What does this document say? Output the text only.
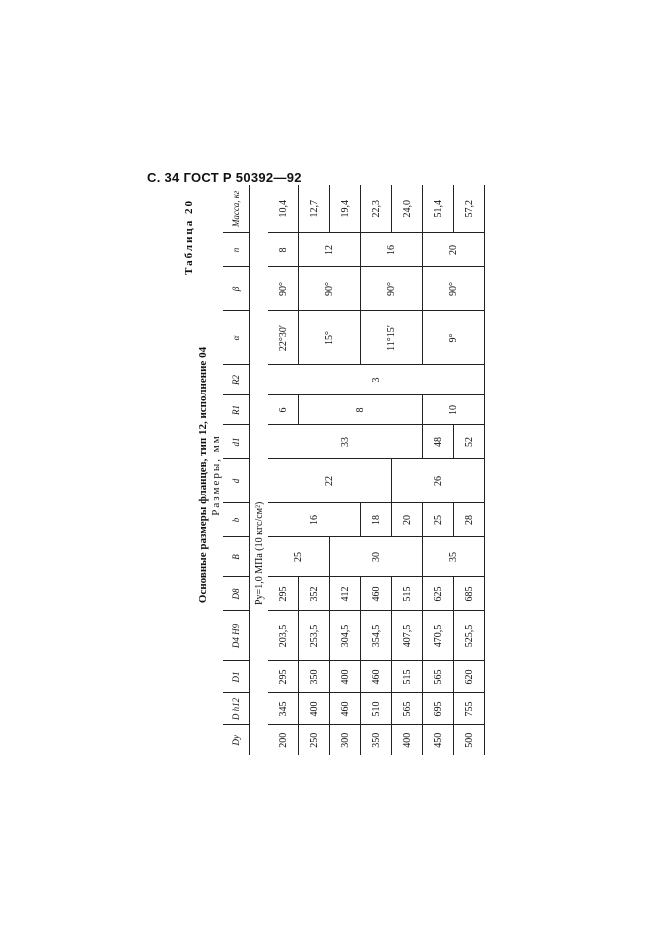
С. 34 ГОСТ Р 50392—92
Таблица 20
Основные размеры фланцев, тип 12, исполнение 04 Размеры, мм
Dy	D h12	D1	D4 H9	D8	B	b	d	d1	R1	R2	α	β	n	Масса, кг
Py=1,0 МПа (10 кгс/см²)														
200	345	295	203,5	295	25	16	22	33	6	3	22°30′	90°	8	10,4
250	400	350	253,5	352					8		15°	90°	12	12,7
300	460	400	304,5	412	30									19,4
350	510	460	354,5	460		18					11°15′	90°	16	22,3
400	565	515	407,5	515		20	26							24,0
450	695	565	470,5	625	35	25		48	10		9°	90°	20	51,4
500	755	620	525,5	685		28		52						57,2
